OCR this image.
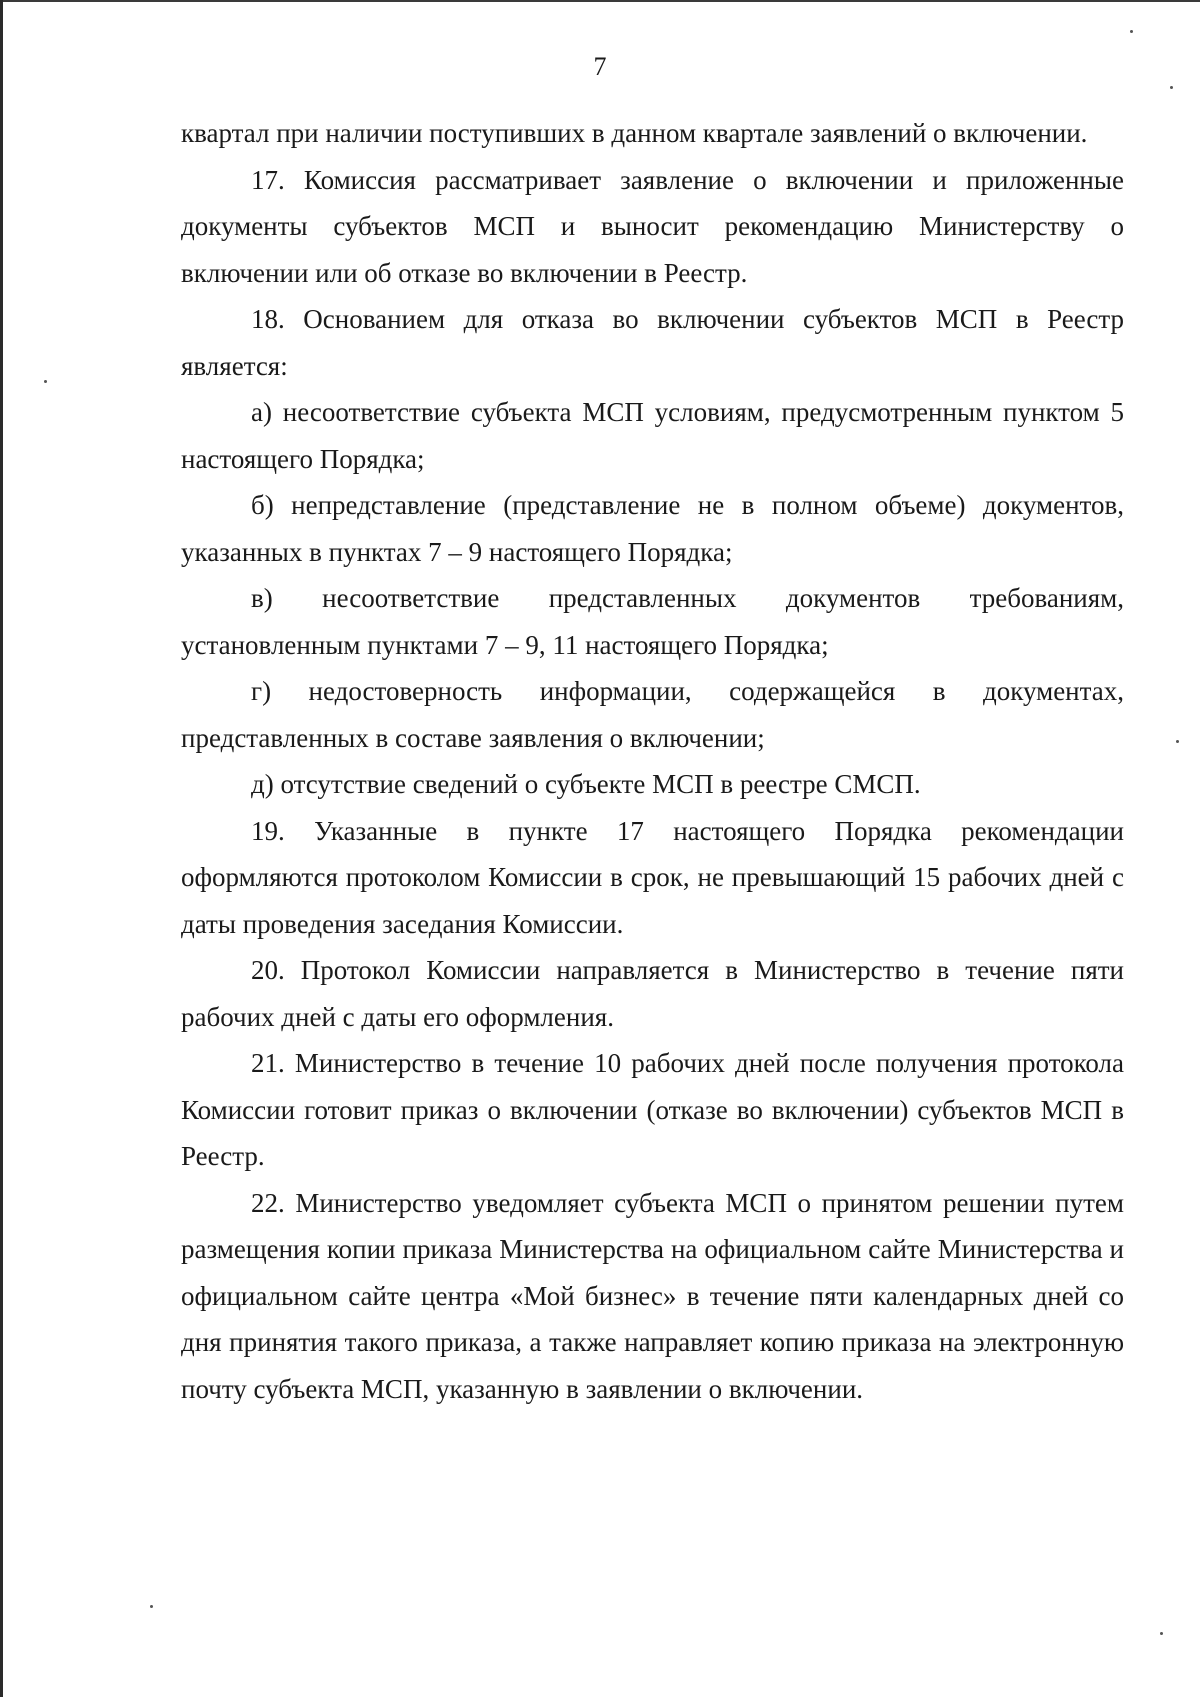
7

квартал при наличии поступивших в данном квартале заявлений о включении.

17. Комиссия рассматривает заявление о включении и приложенные документы субъектов МСП и выносит рекомендацию Министерству о включении или об отказе во включении в Реестр.

18. Основанием для отказа во включении субъектов МСП в Реестр является:

а) несоответствие субъекта МСП условиям, предусмотренным пунктом 5 настоящего Порядка;

б) непредставление (представление не в полном объеме) документов, указанных в пунктах 7 – 9 настоящего Порядка;

в) несоответствие представленных документов требованиям, установленным пунктами 7 – 9, 11 настоящего Порядка;

г) недостоверность информации, содержащейся в документах, представленных в составе заявления о включении;

д) отсутствие сведений о субъекте МСП в реестре СМСП.

19. Указанные в пункте 17 настоящего Порядка рекомендации оформляются протоколом Комиссии в срок, не превышающий 15 рабочих дней с даты проведения заседания Комиссии.

20. Протокол Комиссии направляется в Министерство в течение пяти рабочих дней с даты его оформления.

21. Министерство в течение 10 рабочих дней после получения протокола Комиссии готовит приказ о включении (отказе во включении) субъектов МСП в Реестр.

22. Министерство уведомляет субъекта МСП о принятом решении путем размещения копии приказа Министерства на официальном сайте Министерства и официальном сайте центра «Мой бизнес» в течение пяти календарных дней со дня принятия такого приказа, а также направляет копию приказа на электронную почту субъекта МСП, указанную в заявлении о включении.
